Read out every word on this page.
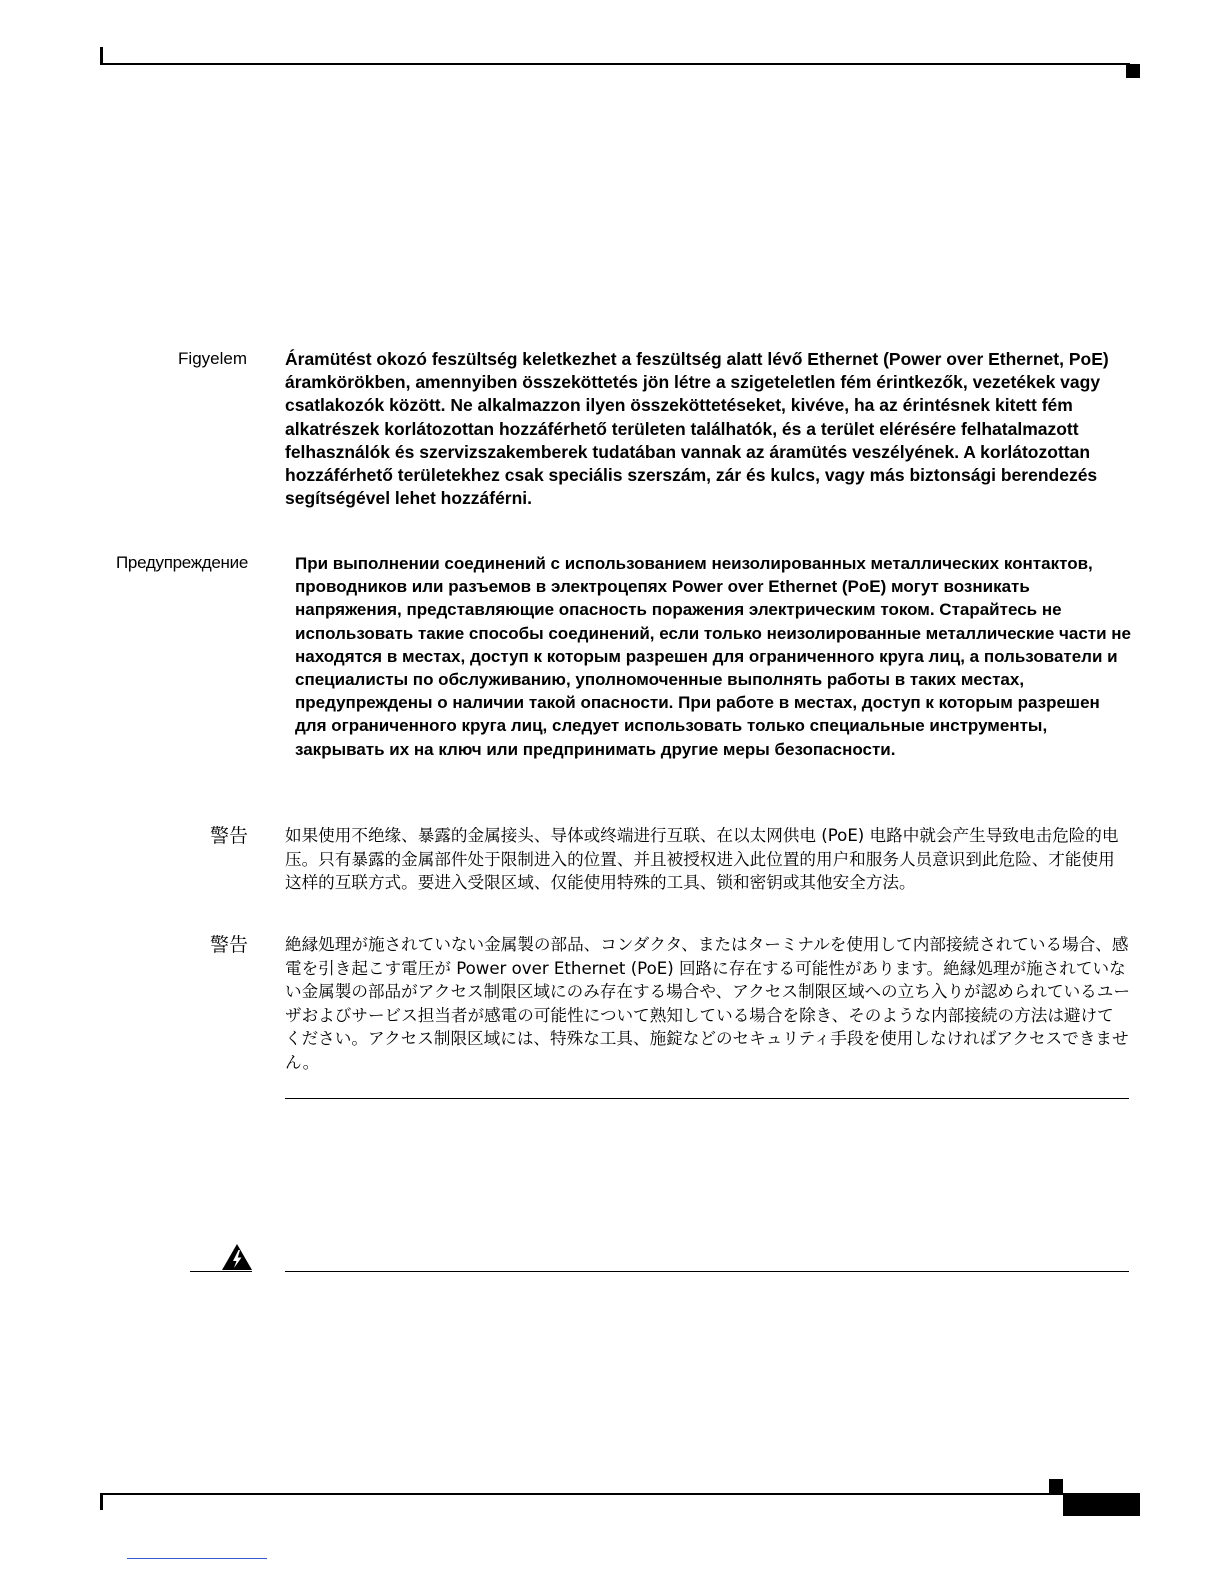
Figyelem Áramütést okozó feszültség keletkezhet a feszültség alatt lévő Ethernet (Power over Ethernet, PoE) áramkörökben, amennyiben összeköttetés jön létre a szigeteletlen fém érintkezők, vezetékek vagy csatlakozók között. Ne alkalmazzon ilyen összeköttetéseket, kivéve, ha az érintésnek kitett fém alkatrészek korlátozottan hozzáférhető területen találhatók, és a terület elérésére felhatalmazott felhasználók és szervizszakemberek tudatában vannak az áramütés veszélyének. A korlátozottan hozzáférhető területekhez csak speciális szerszám, zár és kulcs, vagy más biztonsági berendezés segítségével lehet hozzáférni.
Предупреждение	При выполнении соединений с использованием неизолированных металлических контактов, проводников или разъемов в электроцепях Power over Ethernet (PoE) могут возникать напряжения, представляющие опасность поражения электрическим током. Старайтесь не использовать такие способы соединений, если только неизолированные металлические части не находятся в местах, доступ к которым разрешен для ограниченного круга лиц, а пользователи и специалисты по обслуживанию, уполномоченные выполнять работы в таких местах, предупреждены о наличии такой опасности. При работе в местах, доступ к которым разрешен для ограниченного круга лиц, следует использовать только специальные инструменты, закрывать их на ключ или предпринимать другие меры безопасности.
警告 如果使用不绝缘、暴露的金属接头、导体或终端进行互联、在以太网供电 (PoE) 电路中就会产生导致电击危险的电压。只有暴露的金属部件处于限制进入的位置、并且被授权进入此位置的用户和服务人员意识到此危险、才能使用这样的互联方式。要进入受限区域、仅能使用特殊的工具、锁和密钥或其他安全方法。
警告 絶縁処理が施されていない金属製の部品、コンダクタ、またはターミナルを使用して内部接続されている場合、感電を引き起こす電圧が Power over Ethernet (PoE) 回路に存在する可能性があります。絶縁処理が施されていない金属製の部品がアクセス制限区域にのみ存在する場合や、アクセス制限区域への立ち入りが認められているユーザおよびサービス担当者が感電の可能性について熟知している場合を除き、そのような内部接続の方法は避けてください。アクセス制限区域には、特殊な工具、施錠などのセキュリティ手段を使用しなければアクセスできません。
